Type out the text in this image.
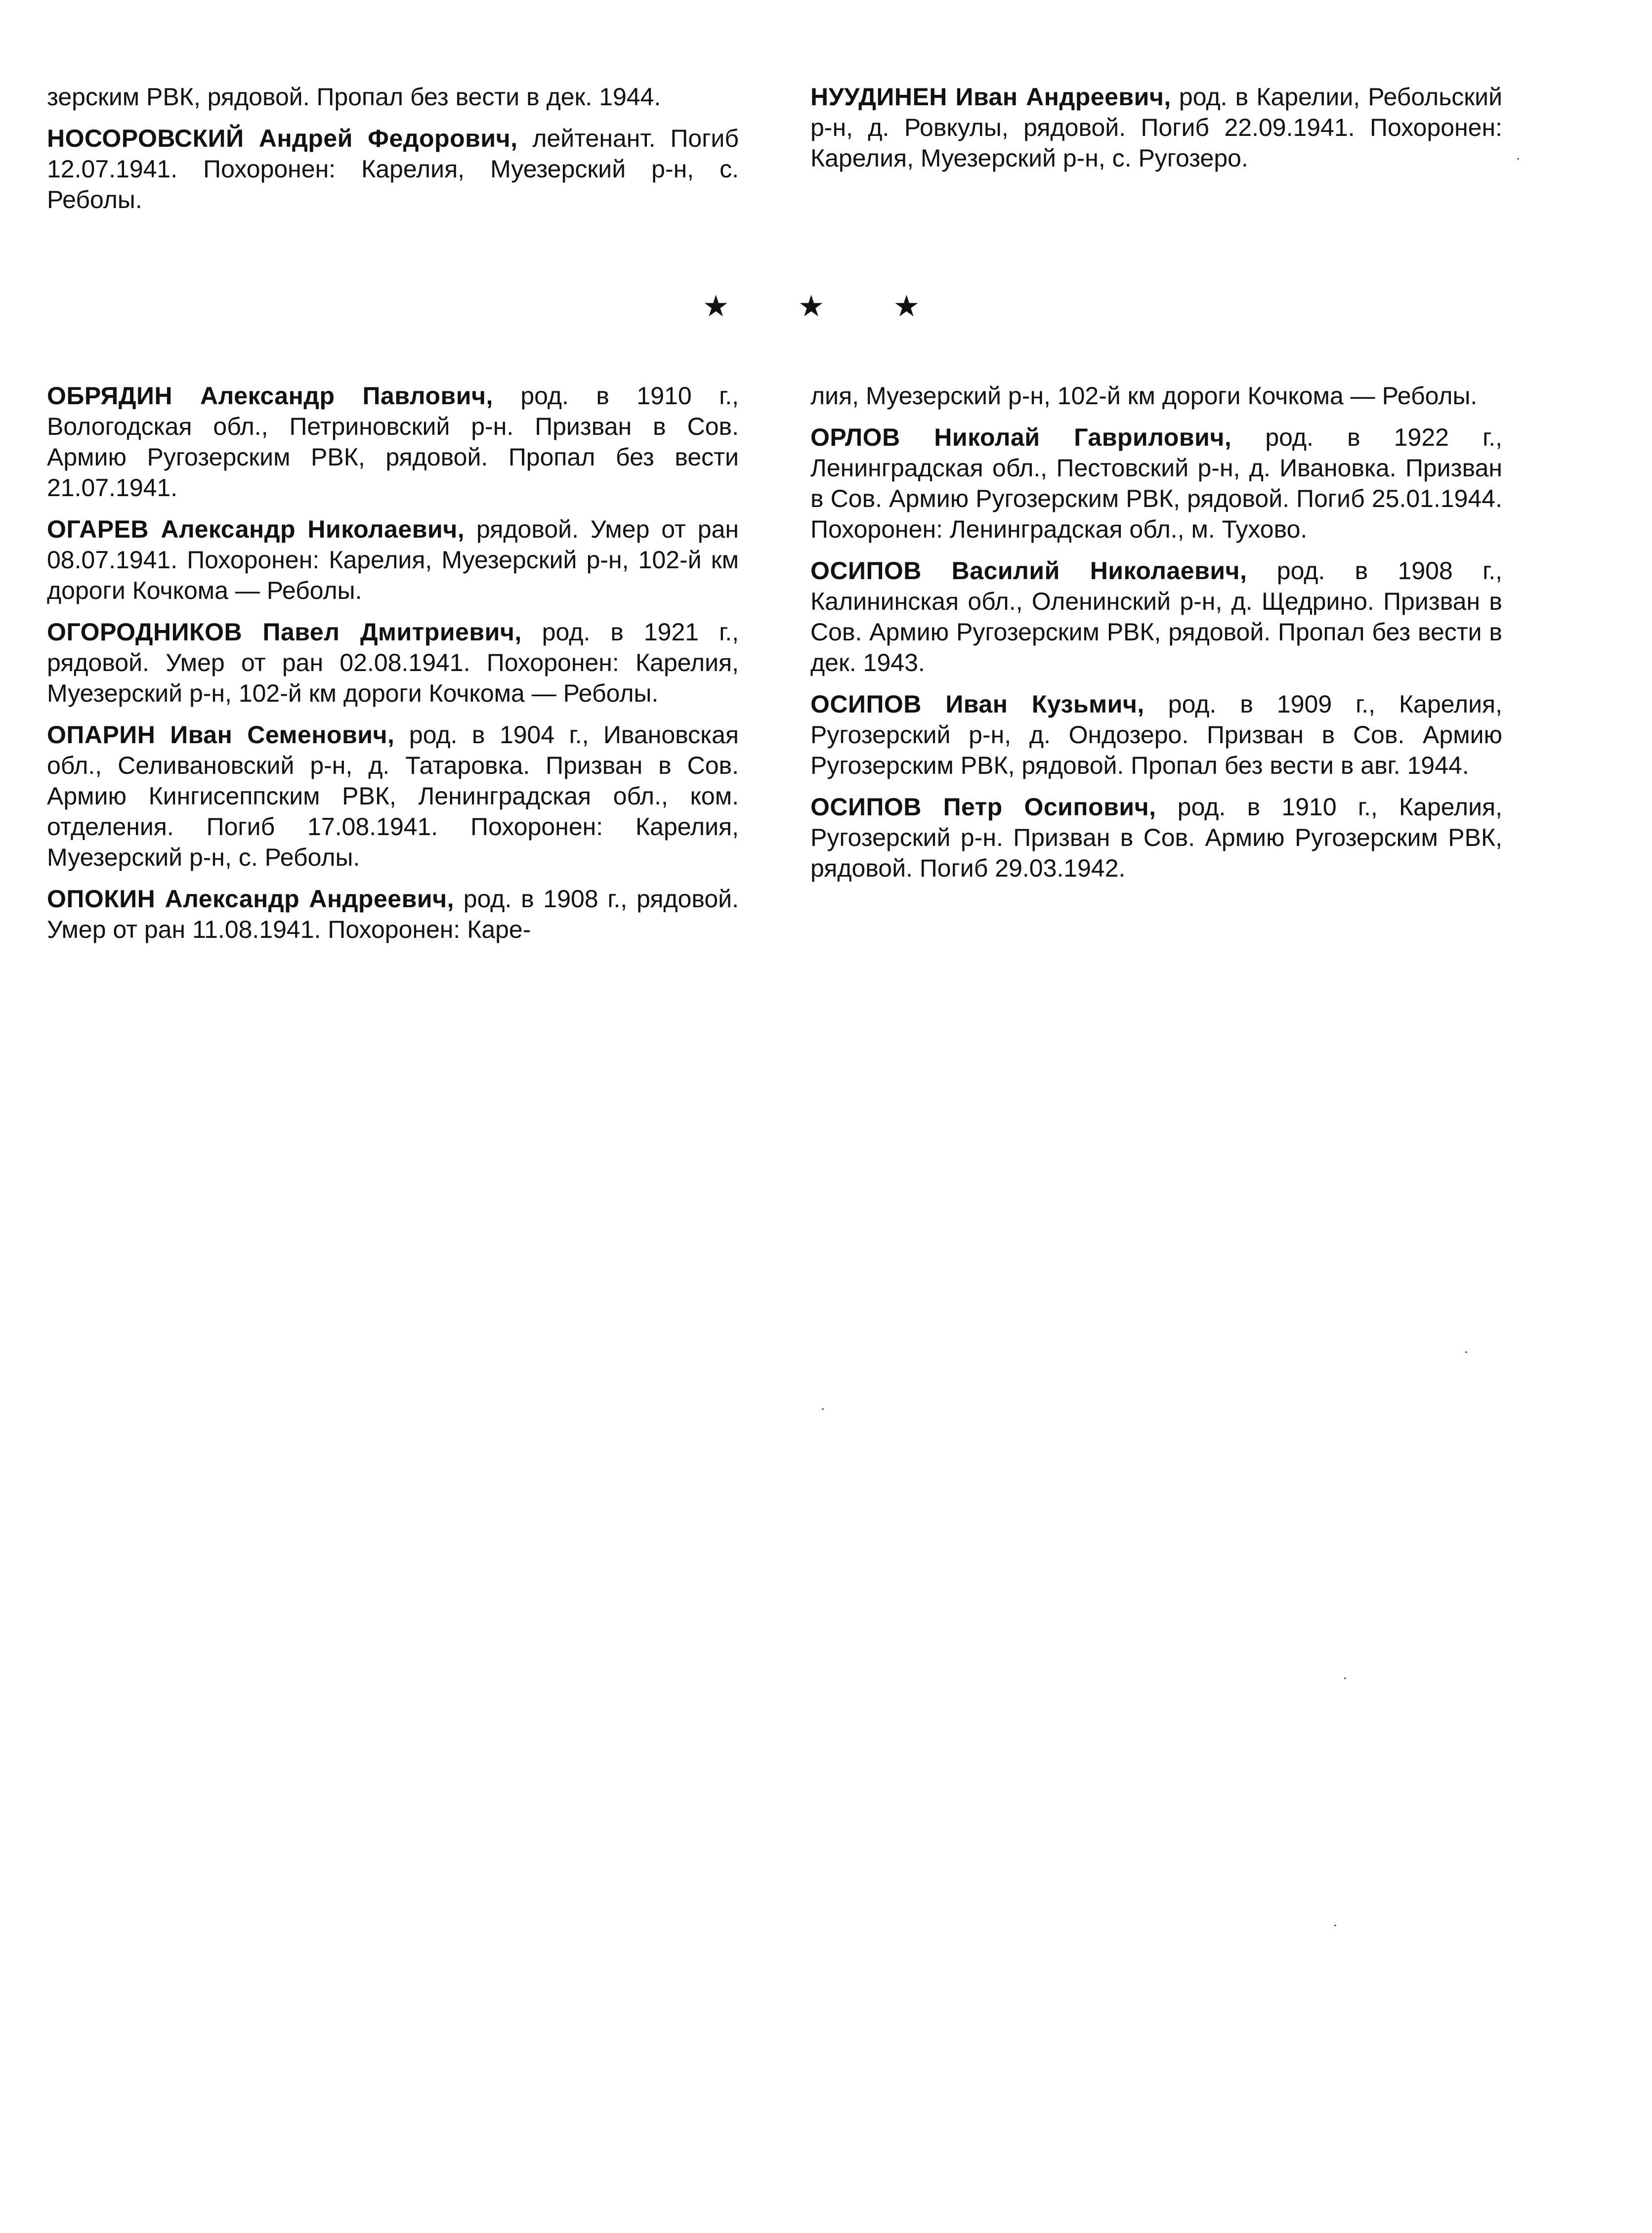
зерским РВК, рядовой. Пропал без вести в дек. 1944.

НОСОРОВСКИЙ Андрей Федорович, лейтенант. Погиб 12.07.1941. Похоронен: Карелия, Муезерский р-н, с. Реболы.

НУУДИНЕН Иван Андреевич, род. в Карелии, Ребольский р-н, д. Ровкулы, рядовой. Погиб 22.09.1941. Похоронен: Карелия, Муезерский р-н, с. Ругозеро.

★ ★ ★

ОБРЯДИН Александр Павлович, род. в 1910 г., Вологодская обл., Петриновский р-н. Призван в Сов. Армию Ругозерским РВК, рядовой. Пропал без вести 21.07.1941.

ОГАРЕВ Александр Николаевич, рядовой. Умер от ран 08.07.1941. Похоронен: Карелия, Муезерский р-н, 102-й км дороги Кочкома — Реболы.

ОГОРОДНИКОВ Павел Дмитриевич, род. в 1921 г., рядовой. Умер от ран 02.08.1941. Похоронен: Карелия, Муезерский р-н, 102-й км дороги Кочкома — Реболы.

ОПАРИН Иван Семенович, род. в 1904 г., Ивановская обл., Селивановский р-н, д. Татаровка. Призван в Сов. Армию Кингисеппским РВК, Ленинградская обл., ком. отделения. Погиб 17.08.1941. Похоронен: Карелия, Муезерский р-н, с. Реболы.

ОПОКИН Александр Андреевич, род. в 1908 г., рядовой. Умер от ран 11.08.1941. Похоронен: Каре-

лия, Муезерский р-н, 102-й км дороги Кочкома — Реболы.

ОРЛОВ Николай Гаврилович, род. в 1922 г., Ленинградская обл., Пестовский р-н, д. Ивановка. Призван в Сов. Армию Ругозерским РВК, рядовой. Погиб 25.01.1944. Похоронен: Ленинградская обл., м. Тухово.

ОСИПОВ Василий Николаевич, род. в 1908 г., Калининская обл., Оленинский р-н, д. Щедрино. Призван в Сов. Армию Ругозерским РВК, рядовой. Пропал без вести в дек. 1943.

ОСИПОВ Иван Кузьмич, род. в 1909 г., Карелия, Ругозерский р-н, д. Ондозеро. Призван в Сов. Армию Ругозерским РВК, рядовой. Пропал без вести в авг. 1944.

ОСИПОВ Петр Осипович, род. в 1910 г., Карелия, Ругозерский р-н. Призван в Сов. Армию Ругозерским РВК, рядовой. Погиб 29.03.1942.
